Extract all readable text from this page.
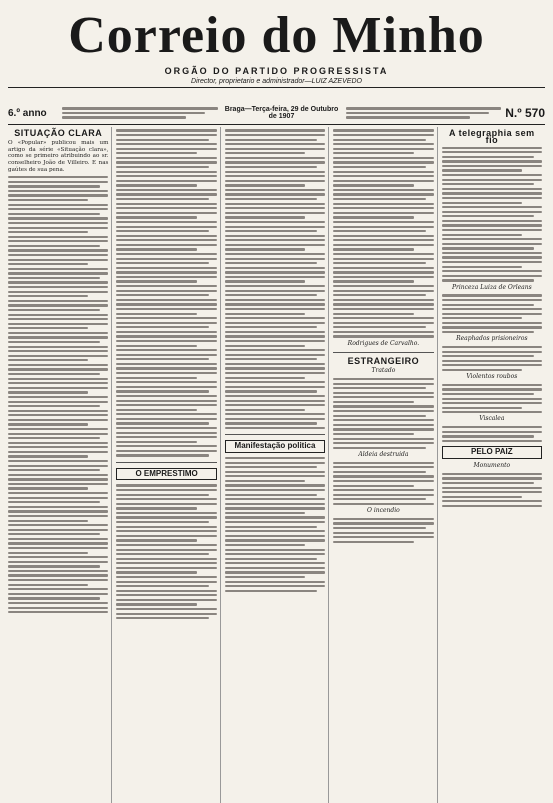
Correio do Minho
ORGÃO DO PARTIDO PROGRESSISTA
Director, proprietario e administrador—LUIZ AZEVEDO
6.º anno	Braga—Terça-feira, 29 de Outubro de 1907	N.º 570
SITUAÇÃO CLARA
O «Popular» publicou mais um artigo da série «Situação clara», como se primeiro atribuindo ao sr. conselheiro João de Villeiro. E nas gaútes de sua pena.
O EMPRESTIMO
Manifestação politica
Rodrigues de Carvalho.
ESTRANGEIRO
Tratado
Aldeia destruida
O incendio
A telegraphia sem fio
Princeza Luiza de Orleans
Reaphados prisioneiros
Violentos roubos
Viscalea
PELO PAIZ
Monumento
